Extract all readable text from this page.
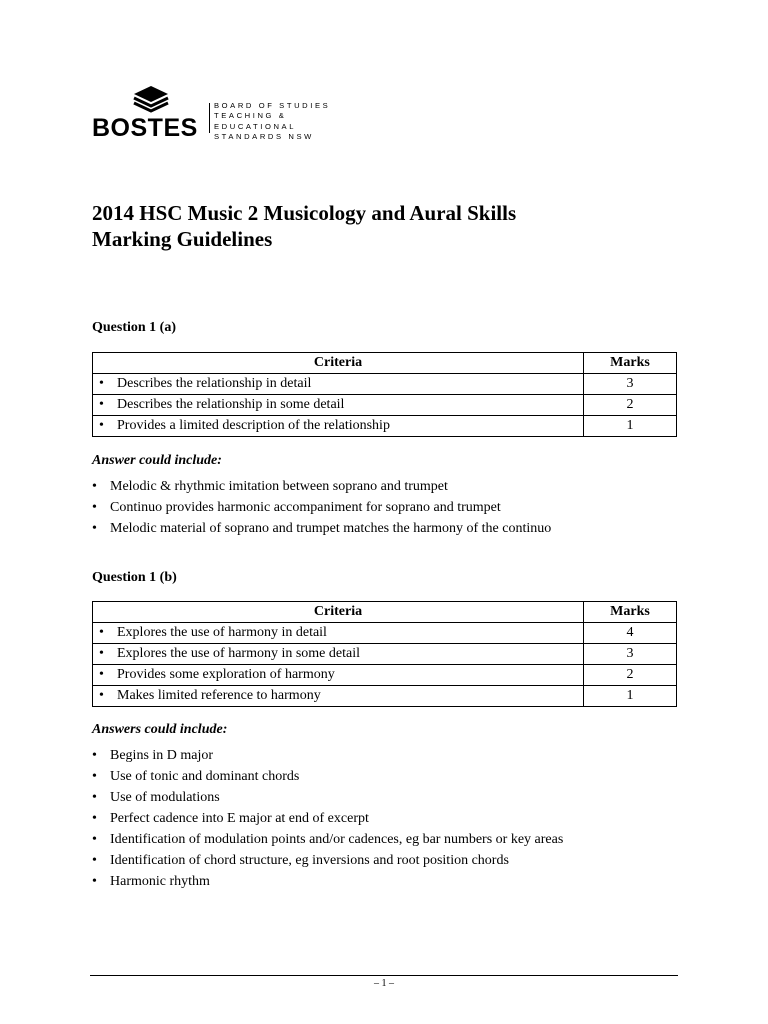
BOSTES
BOARD OF STUDIES
TEACHING &
EDUCATIONAL
STANDARDS NSW
2014 HSC Music 2 Musicology and Aural Skills
Marking Guidelines
Question 1 (a)
Criteria	Marks
• Describes the relationship in detail	3
• Describes the relationship in some detail	2
• Provides a limited description of the relationship	1
Answer could include:
• Melodic & rhythmic imitation between soprano and trumpet
• Continuo provides harmonic accompaniment for soprano and trumpet
• Melodic material of soprano and trumpet matches the harmony of the continuo
Question 1 (b)
Criteria	Marks
• Explores the use of harmony in detail	4
• Explores the use of harmony in some detail	3
• Provides some exploration of harmony	2
• Makes limited reference to harmony	1
Answers could include:
• Begins in D major
• Use of tonic and dominant chords
• Use of modulations
• Perfect cadence into E major at end of excerpt
• Identification of modulation points and/or cadences, eg bar numbers or key areas
• Identification of chord structure, eg inversions and root position chords
• Harmonic rhythm
– 1 –
